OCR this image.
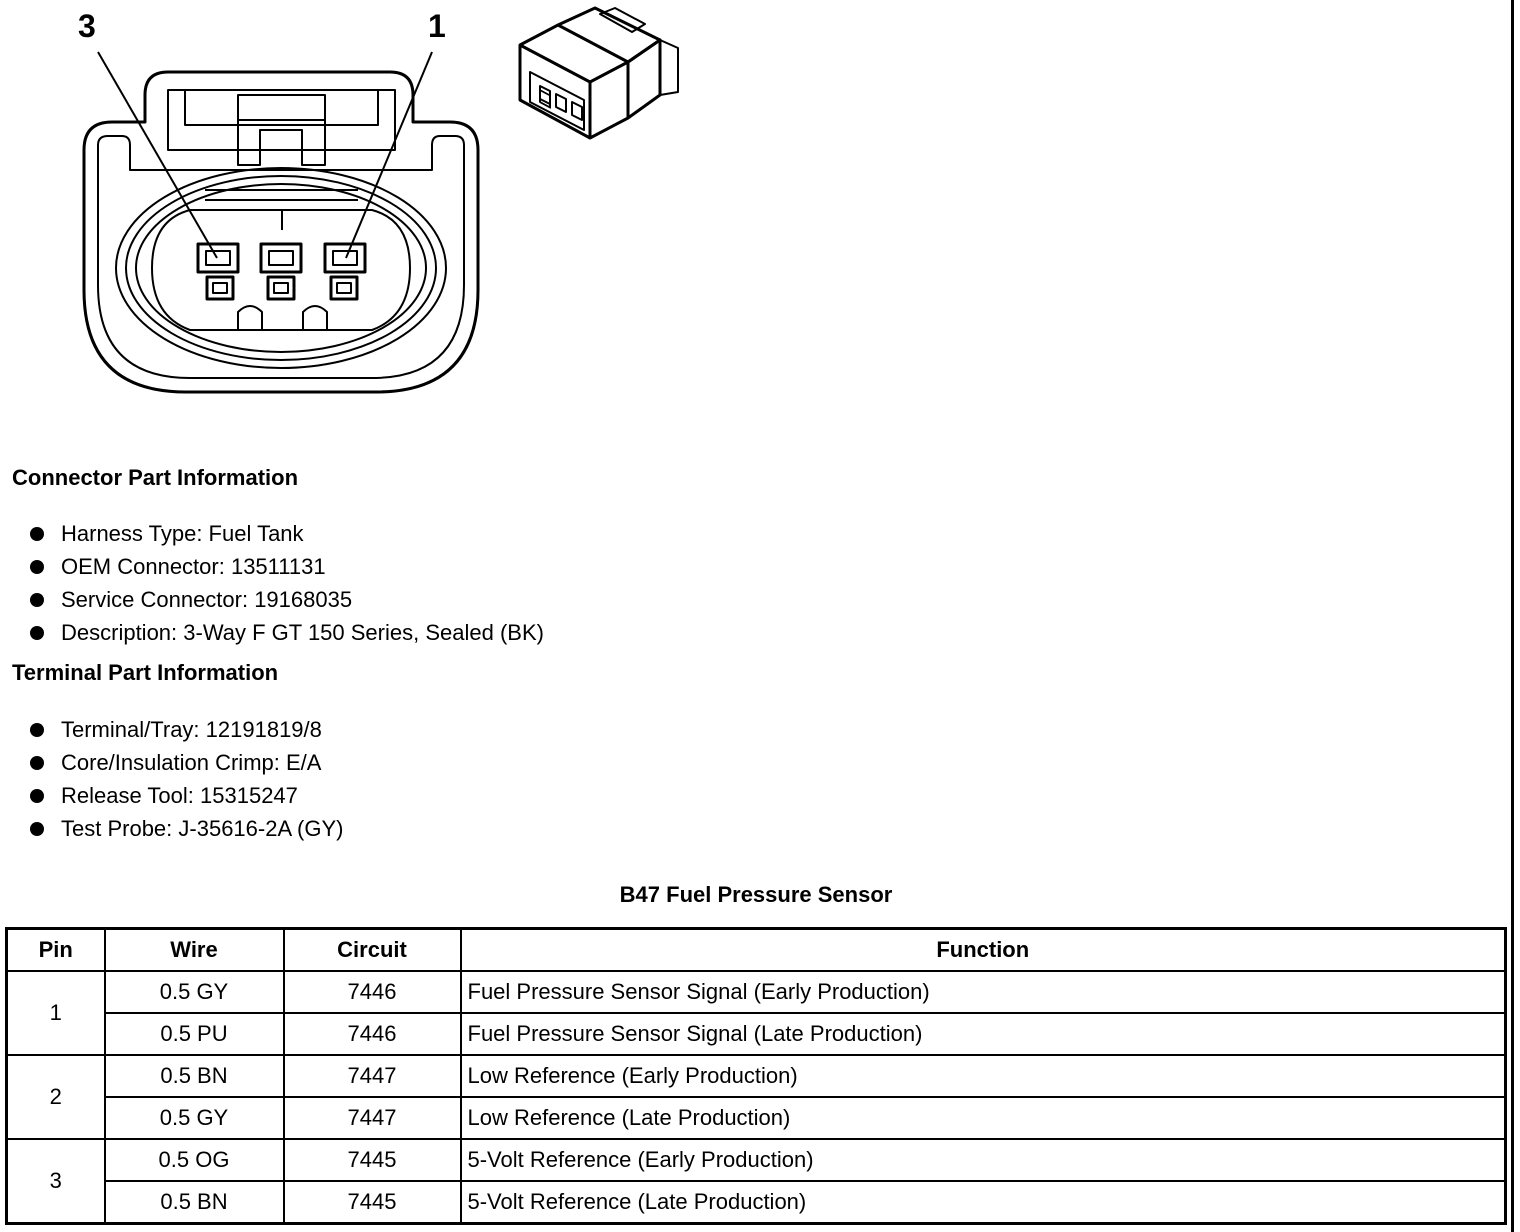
3	1
Connector Part Information
Harness Type: Fuel Tank
OEM Connector: 13511131
Service Connector: 19168035
Description: 3-Way F GT 150 Series, Sealed (BK)
Terminal Part Information
Terminal/Tray: 12191819/8
Core/Insulation Crimp: E/A
Release Tool: 15315247
Test Probe: J-35616-2A (GY)
B47 Fuel Pressure Sensor
Pin	Wire	Circuit	Function
1	0.5 GY	7446	Fuel Pressure Sensor Signal (Early Production)
	0.5 PU	7446	Fuel Pressure Sensor Signal (Late Production)
2	0.5 BN	7447	Low Reference (Early Production)
	0.5 GY	7447	Low Reference (Late Production)
3	0.5 OG	7445	5-Volt Reference (Early Production)
	0.5 BN	7445	5-Volt Reference (Late Production)
